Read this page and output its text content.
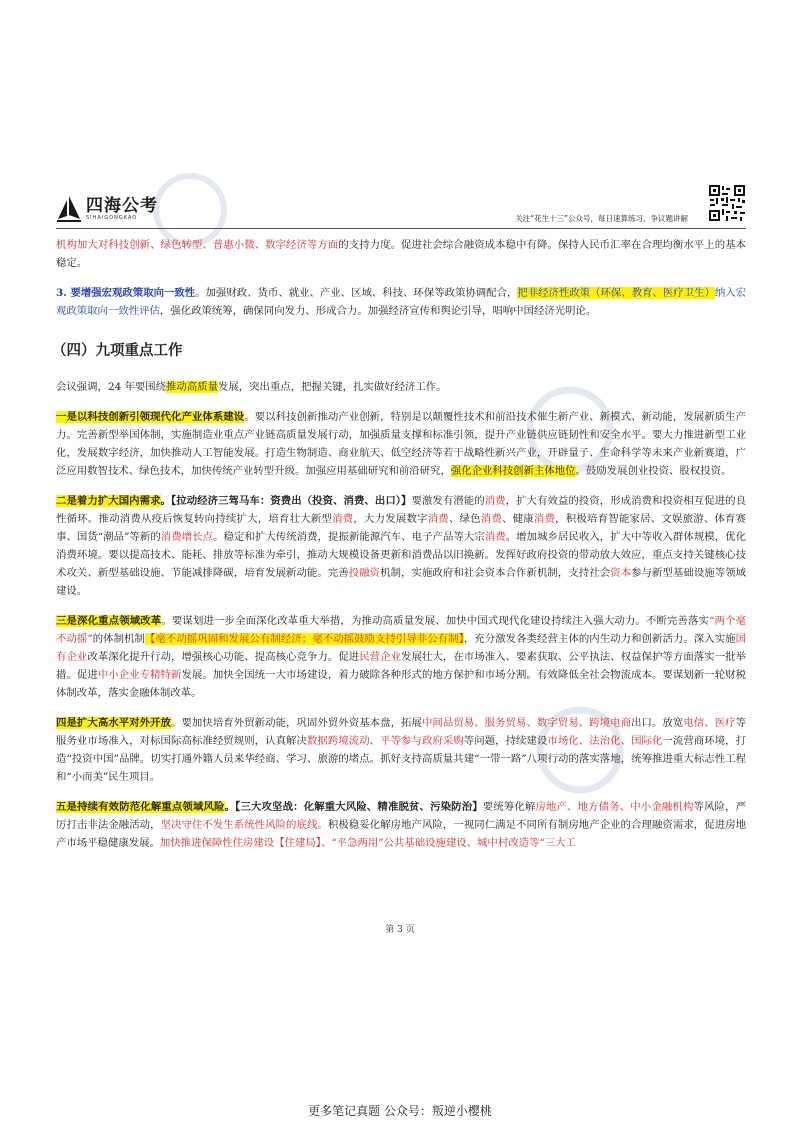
四海公考
SIHAIGONGKAO	关注“花生十三”公众号，每日速算练习、争议题讲解

机构加大对科技创新、绿色转型、普惠小微、数字经济等方面的支持力度。促进社会综合融资成本稳中有降。保持人民币汇率在合理均衡水平上的基本稳定。

3. 要增强宏观政策取向一致性。加强财政、货币、就业、产业、区域、科技、环保等政策协调配合，把非经济性政策（环保、教育、医疗卫生）纳入宏观政策取向一致性评估，强化政策统筹，确保同向发力、形成合力。加强经济宣传和舆论引导，唱响中国经济光明论。

（四）九项重点工作

会议强调，24 年要围绕推动高质量发展，突出重点，把握关键，扎实做好经济工作。

一是以科技创新引领现代化产业体系建设。要以科技创新推动产业创新，特别是以颠覆性技术和前沿技术催生新产业、新模式、新动能，发展新质生产力。完善新型举国体制，实施制造业重点产业链高质量发展行动，加强质量支撑和标准引领，提升产业链供应链韧性和安全水平。要大力推进新型工业化，发展数字经济，加快推动人工智能发展。打造生物制造、商业航天、低空经济等若干战略性新兴产业，开辟量子、生命科学等未来产业新赛道，广泛应用数智技术、绿色技术，加快传统产业转型升级。加强应用基础研究和前沿研究，强化企业科技创新主体地位。鼓励发展创业投资、股权投资。

二是着力扩大国内需求。【拉动经济三驾马车：资费出（投资、消费、出口）】要激发有潜能的消费，扩大有效益的投资，形成消费和投资相互促进的良性循环。推动消费从疫后恢复转向持续扩大，培育壮大新型消费，大力发展数字消费、绿色消费、健康消费，积极培育智能家居、文娱旅游、体育赛事、国货“潮品”等新的消费增长点。稳定和扩大传统消费，提振新能源汽车、电子产品等大宗消费。增加城乡居民收入，扩大中等收入群体规模，优化消费环境。要以提高技术、能耗、排放等标准为牵引，推动大规模设备更新和消费品以旧换新。发挥好政府投资的带动放大效应，重点支持关键核心技术攻关、新型基础设施、节能减排降碳，培育发展新动能。完善投融资机制，实施政府和社会资本合作新机制，支持社会资本参与新型基础设施等领域建设。

三是深化重点领域改革。要谋划进一步全面深化改革重大举措，为推动高质量发展、加快中国式现代化建设持续注入强大动力。不断完善落实“两个毫不动摇”的体制机制【毫不动摇巩固和发展公有制经济；毫不动摇鼓励支持引导非公有制】，充分激发各类经营主体的内生动力和创新活力。深入实施国有企业改革深化提升行动，增强核心功能、提高核心竞争力。促进民营企业发展壮大，在市场准入、要素获取、公平执法、权益保护等方面落实一批举措。促进中小企业专精特新发展。加快全国统一大市场建设，着力破除各种形式的地方保护和市场分割。有效降低全社会物流成本。要谋划新一轮财税体制改革，落实金融体制改革。

四是扩大高水平对外开放。要加快培育外贸新动能，巩固外贸外资基本盘，拓展中间品贸易、服务贸易、数字贸易、跨境电商出口。放宽电信、医疗等服务业市场准入，对标国际高标准经贸规则，认真解决数据跨境流动、平等参与政府采购等问题，持续建设市场化、法治化、国际化一流营商环境，打造“投资中国”品牌。切实打通外籍人员来华经商、学习、旅游的堵点。抓好支持高质量共建“一带一路”八项行动的落实落地，统筹推进重大标志性工程和“小而美”民生项目。

五是持续有效防范化解重点领域风险。【三大攻坚战：化解重大风险、精准脱贫、污染防治】要统筹化解房地产、地方债务、中小金融机构等风险，严厉打击非法金融活动，坚决守住不发生系统性风险的底线。积极稳妥化解房地产风险，一视同仁满足不同所有制房地产企业的合理融资需求，促进房地产市场平稳健康发展。加快推进保障性住房建设【住建局】、“平急两用”公共基础设施建设、城中村改造等“三大工

第 3 页
更多笔记真题 公众号：叛逆小樱桃
